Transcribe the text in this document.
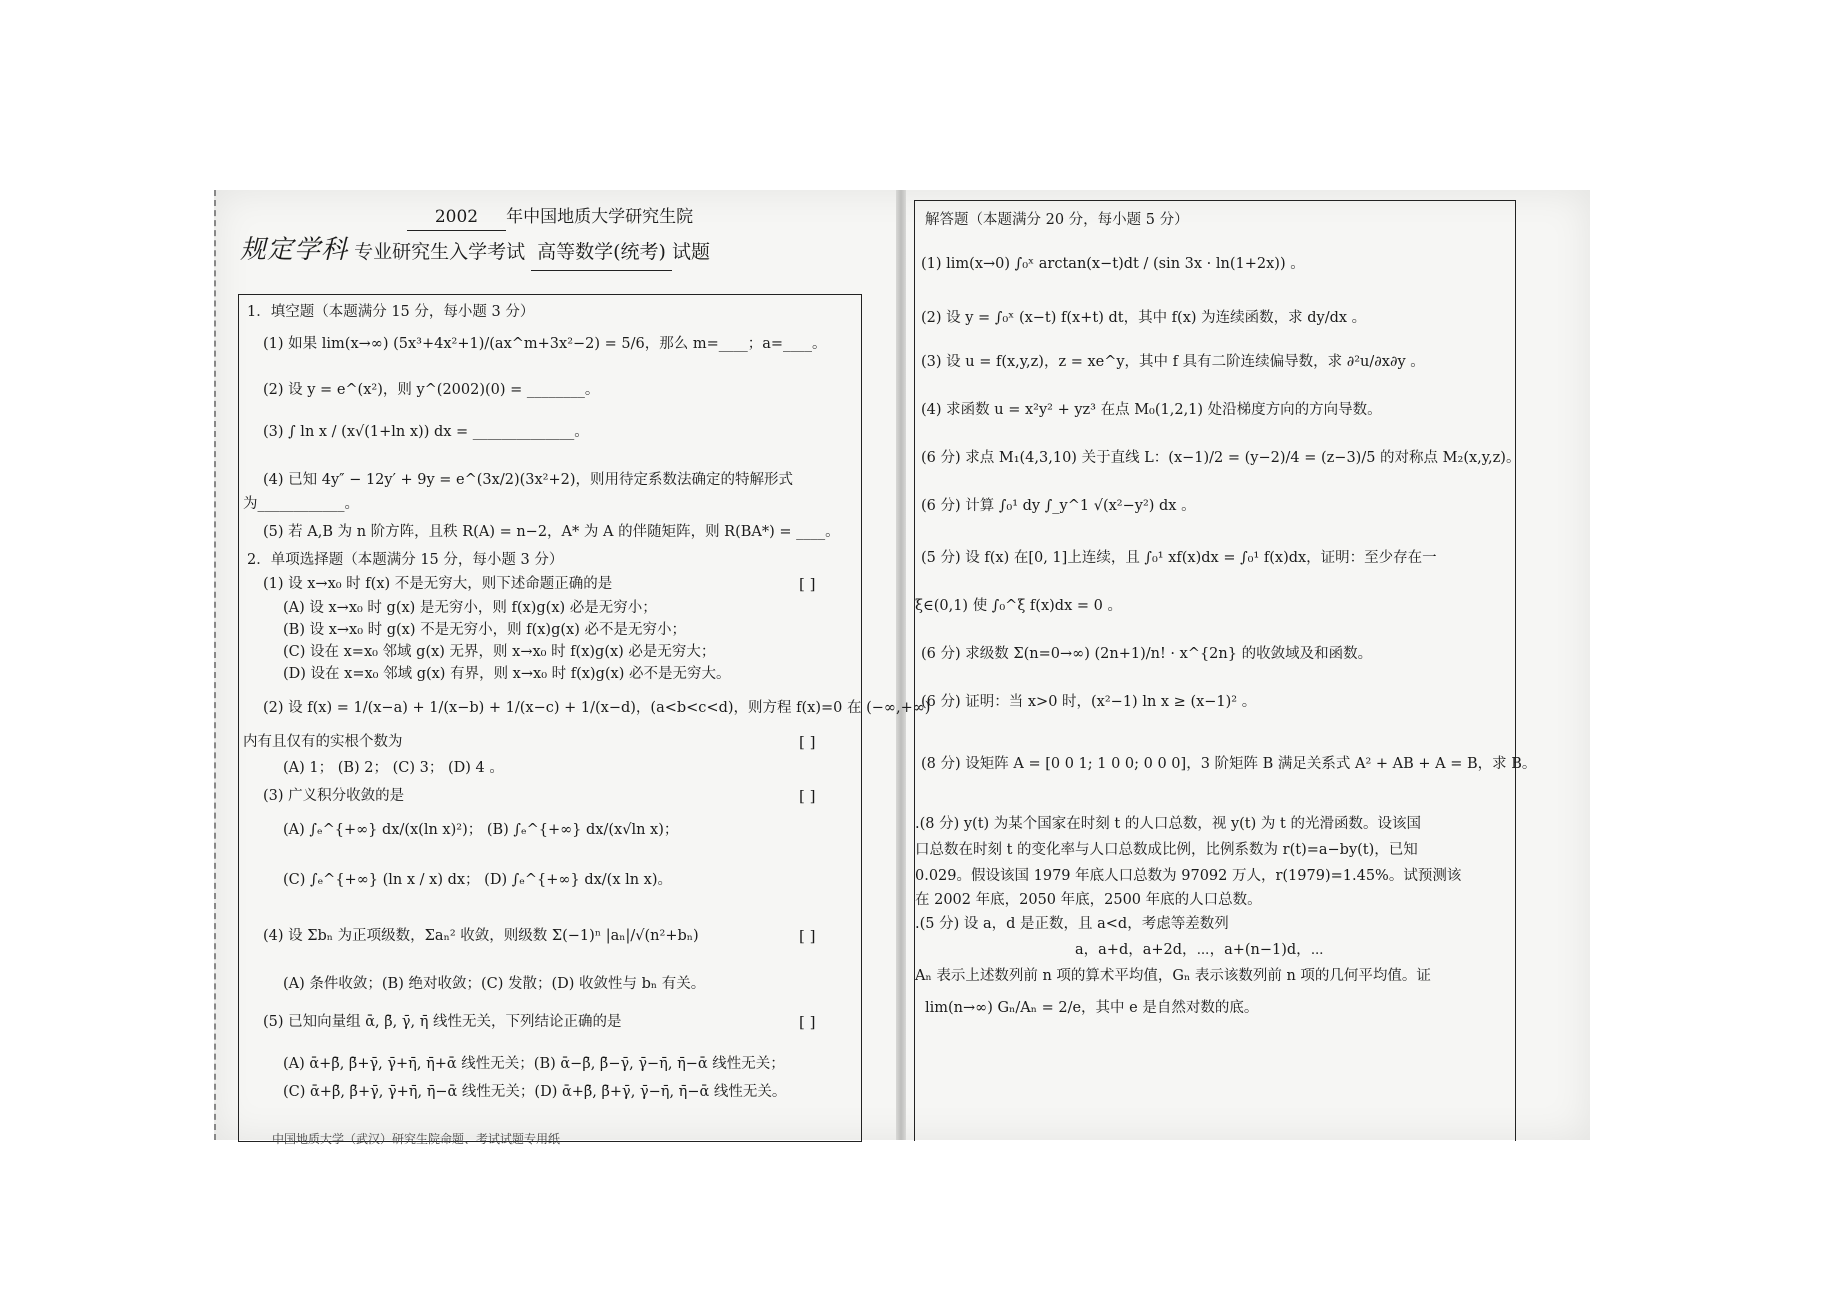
2002 年中国地质大学研究生院
规定学科 专业研究生入学考试 高等数学(统考) 试题
1．填空题（本题满分 15 分，每小题 3 分）
(1) 如果 lim(x→∞) (5x³+4x²+1)/(ax^m+3x²−2) = 5/6，那么 m=____；a=____。
(2) 设 y = e^(x²)，则 y^(2002)(0) = ________。
(3) ∫ ln x / (x√(1+ln x)) dx = ______________。
(4) 已知 4y″ − 12y′ + 9y = e^(3x/2)(3x²+2)，则用待定系数法确定的特解形式
为____________。
(5) 若 A,B 为 n 阶方阵，且秩 R(A) = n−2，A* 为 A 的伴随矩阵，则 R(BA*) = ____。
2．单项选择题（本题满分 15 分，每小题 3 分）
(1) 设 x→x₀ 时 f(x) 不是无穷大，则下述命题正确的是	[ ]
(A) 设 x→x₀ 时 g(x) 是无穷小，则 f(x)g(x) 必是无穷小；
(B) 设 x→x₀ 时 g(x) 不是无穷小，则 f(x)g(x) 必不是无穷小；
(C) 设在 x=x₀ 邻域 g(x) 无界，则 x→x₀ 时 f(x)g(x) 必是无穷大；
(D) 设在 x=x₀ 邻域 g(x) 有界，则 x→x₀ 时 f(x)g(x) 必不是无穷大。
(2) 设 f(x) = 1/(x−a) + 1/(x−b) + 1/(x−c) + 1/(x−d)，(a<b<c<d)，则方程 f(x)=0 在 (−∞,+∞)
内有且仅有的实根个数为	[ ]
(A) 1； (B) 2； (C) 3； (D) 4 。
(3) 广义积分收敛的是	[ ]
(A) ∫ₑ^{+∞} dx/(x(ln x)²)； (B) ∫ₑ^{+∞} dx/(x√ln x)；
(C) ∫ₑ^{+∞} (ln x / x) dx； (D) ∫ₑ^{+∞} dx/(x ln x)。
(4) 设 Σbₙ 为正项级数，Σaₙ² 收敛，则级数 Σ(−1)ⁿ |aₙ|/√(n²+bₙ)	[ ]
(A) 条件收敛；(B) 绝对收敛；(C) 发散；(D) 收敛性与 bₙ 有关。
(5) 已知向量组 ᾱ, β̄, γ̄, η̄ 线性无关，下列结论正确的是	[ ]
(A) ᾱ+β̄, β̄+γ̄, γ̄+η̄, η̄+ᾱ 线性无关；(B) ᾱ−β̄, β̄−γ̄, γ̄−η̄, η̄−ᾱ 线性无关；
(C) ᾱ+β̄, β̄+γ̄, γ̄+η̄, η̄−ᾱ 线性无关；(D) ᾱ+β̄, β̄+γ̄, γ̄−η̄, η̄−ᾱ 线性无关。
中国地质大学（武汉）研究生院命题、考试试题专用纸
解答题（本题满分 20 分，每小题 5 分）
(1) lim(x→0) ∫₀ˣ arctan(x−t)dt / (sin 3x · ln(1+2x)) 。
(2) 设 y = ∫₀ˣ (x−t) f(x+t) dt，其中 f(x) 为连续函数，求 dy/dx 。
(3) 设 u = f(x,y,z)，z = xe^y，其中 f 具有二阶连续偏导数，求 ∂²u/∂x∂y 。
(4) 求函数 u = x²y² + yz³ 在点 M₀(1,2,1) 处沿梯度方向的方向导数。
(6 分) 求点 M₁(4,3,10) 关于直线 L：(x−1)/2 = (y−2)/4 = (z−3)/5 的对称点 M₂(x,y,z)。
(6 分) 计算 ∫₀¹ dy ∫_y^1 √(x²−y²) dx 。
(5 分) 设 f(x) 在[0, 1]上连续，且 ∫₀¹ xf(x)dx = ∫₀¹ f(x)dx，证明：至少存在一
ξ∈(0,1) 使 ∫₀^ξ f(x)dx = 0 。
(6 分) 求级数 Σ(n=0→∞) (2n+1)/n! · x^{2n} 的收敛域及和函数。
(6 分) 证明：当 x>0 时，(x²−1) ln x ≥ (x−1)² 。
(8 分) 设矩阵 A = [0 0 1; 1 0 0; 0 0 0]，3 阶矩阵 B 满足关系式 A² + AB + A = B，求 B。
.(8 分) y(t) 为某个国家在时刻 t 的人口总数，视 y(t) 为 t 的光滑函数。设该国
口总数在时刻 t 的变化率与人口总数成比例，比例系数为 r(t)=a−by(t)，已知
0.029。假设该国 1979 年底人口总数为 97092 万人，r(1979)=1.45%。试预测该
在 2002 年底，2050 年底，2500 年底的人口总数。
.(5 分) 设 a，d 是正数，且 a<d，考虑等差数列
a，a+d，a+2d，⋯，a+(n−1)d，⋯
Aₙ 表示上述数列前 n 项的算术平均值，Gₙ 表示该数列前 n 项的几何平均值。证
lim(n→∞) Gₙ/Aₙ = 2/e，其中 e 是自然对数的底。
